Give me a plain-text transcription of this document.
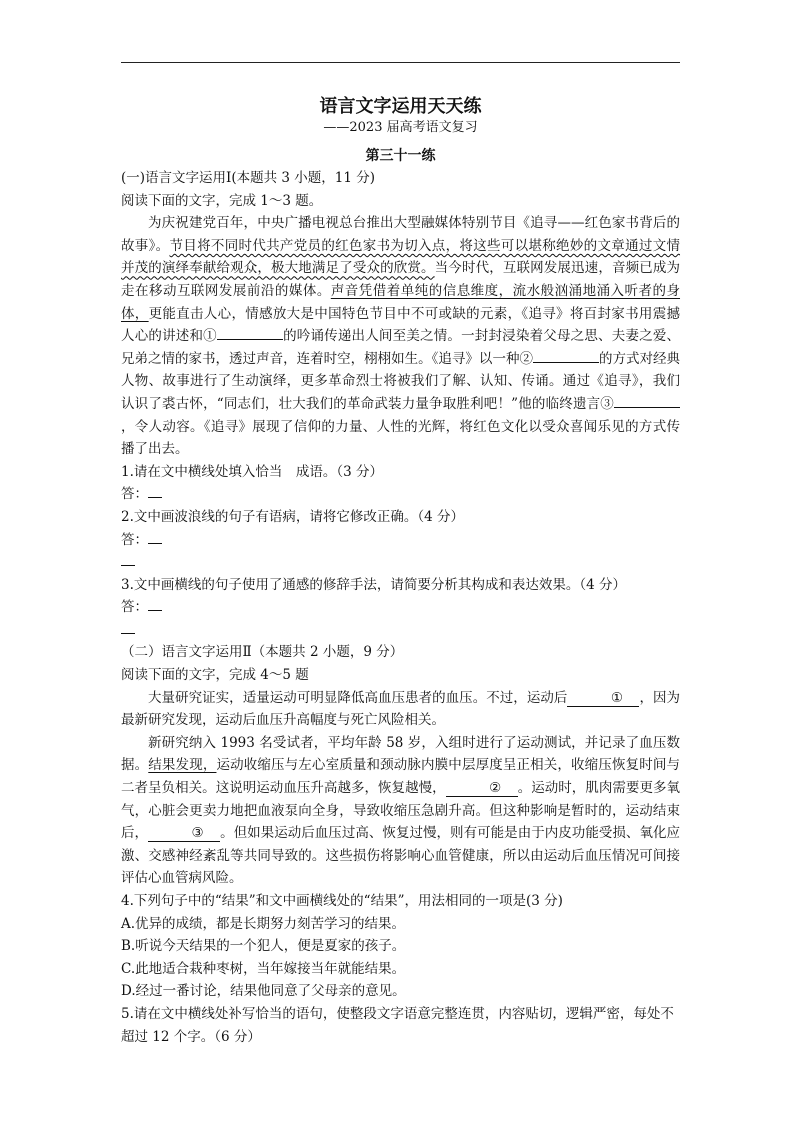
语言文字运用天天练

——2023 届高考语文复习

第三十一练

(一)语言文字运用Ⅰ(本题共 3 小题，11 分)

阅读下面的文字，完成 1～3 题。

为庆祝建党百年，中央广播电视总台推出大型融媒体特别节目《追寻——红色家书背后的故事》。节目将不同时代共产党员的红色家书为切入点，将这些可以堪称绝妙的文章通过文情并茂的演绎奉献给观众，极大地满足了受众的欣赏。当今时代，互联网发展迅速，音频已成为走在移动互联网发展前沿的媒体。声音凭借着单纯的信息维度，流水般汹涌地涌入听者的身体，更能直击人心，情感放大是中国特色节目中不可或缺的元素，《追寻》将百封家书用震撼人心的讲述和①	的吟诵传递出人间至美之情。一封封浸染着父母之思、夫妻之爱、兄弟之情的家书，透过声音，连着时空，栩栩如生。《追寻》以一种②	的方式对经典人物、故事进行了生动演绎，更多革命烈士将被我们了解、认知、传诵。通过《追寻》，我们认识了裘古怀，“同志们，壮大我们的革命武装力量争取胜利吧！”他的临终遗言③，令人动容。《追寻》展现了信仰的力量、人性的光辉，将红色文化以受众喜闻乐见的方式传播了出去。

1.请在文中横线处填入恰当　成语。（3 分）

答：

2.文中画波浪线的句子有语病，请将它修改正确。（4 分）

答：

3.文中画横线的句子使用了通感的修辞手法，请简要分析其构成和表达效果。（4 分）

答：

（二）语言文字运用Ⅱ（本题共 2 小题，9 分）

阅读下面的文字，完成 4～5 题

大量研究证实，适量运动可明显降低高血压患者的血压。不过，运动后	① ，因为最新研究发现，运动后血压升高幅度与死亡风险相关。

新研究纳入 1993 名受试者，平均年龄 58 岁，入组时进行了运动测试，并记录了血压数据。结果发现，运动收缩压与左心室质量和颈动脉内膜中层厚度呈正相关，收缩压恢复时间与二者呈负相关。这说明运动血压升高越多，恢复越慢，	② 。运动时，肌肉需要更多氧气，心脏会更卖力地把血液泵向全身，导致收缩压急剧升高。但这种影响是暂时的，运动结束后，	③ 。但如果运动后血压过高、恢复过慢，则有可能是由于内皮功能受损、氧化应激、交感神经紊乱等共同导致的。这些损伤将影响心血管健康，所以由运动后血压情况可间接评估心血管病风险。

4.下列句子中的“结果”和文中画横线处的“结果”，用法相同的一项是(3 分)

A.优异的成绩，都是长期努力刻苦学习的结果。

B.听说今天结果的一个犯人，便是夏家的孩子。

C.此地适合栽种枣树，当年嫁接当年就能结果。

D.经过一番讨论，结果他同意了父母亲的意见。

5.请在文中横线处补写恰当的语句，使整段文字语意完整连贯，内容贴切，逻辑严密，每处不超过 12 个字。（6 分）
